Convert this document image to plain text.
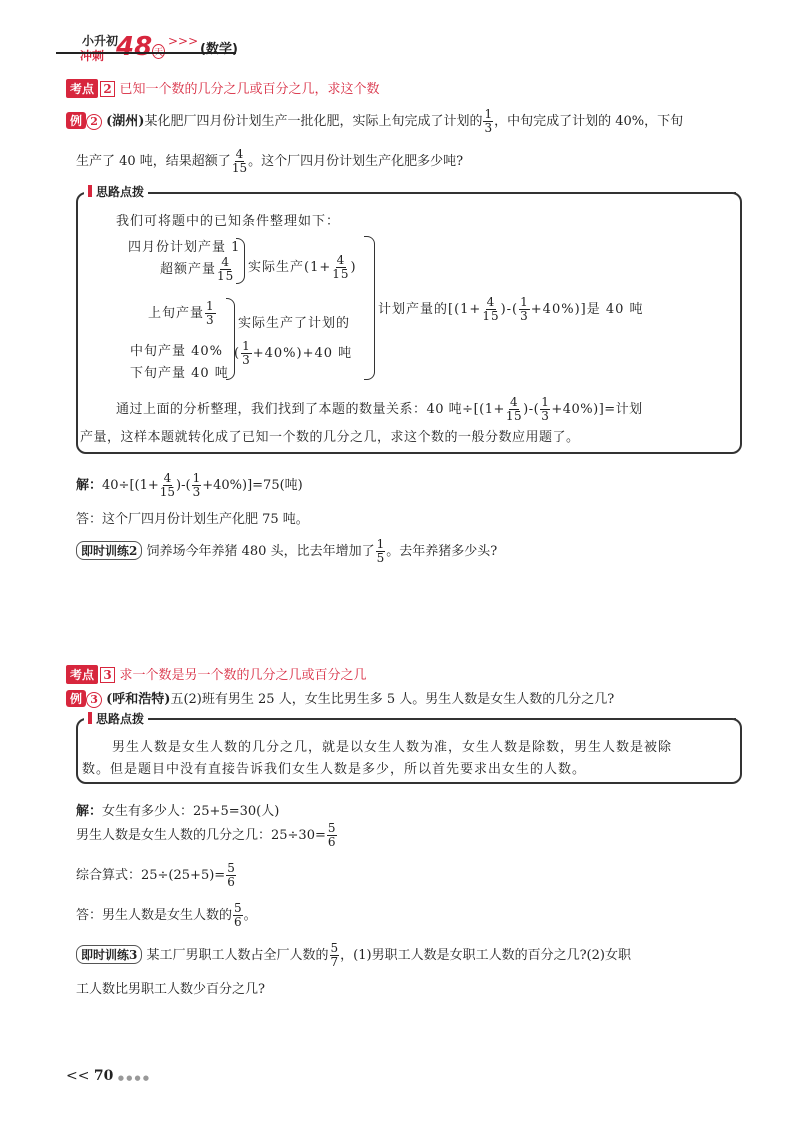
小升初
冲刺 48 天
>>>
(数学)
考点 2 已知一个数的几分之几或百分之几，求这个数
例 2 (湖州)某化肥厂四月份计划生产一批化肥，实际上旬完成了计划的 $\frac{1}{3}$ ，中旬完成了计划的 40%，下旬
生产了 40 吨，结果超额了 $\frac{4}{15}$ 。这个厂四月份计划生产化肥多少吨?
思路点拨
我们可将题中的已知条件整理如下：
四月份计划产量 1
超额产量 $\frac{4}{15}$ 实际生产($1+ \frac{4}{15}$ )
上旬产量 $\frac{1}{3}$
中旬产量 40%
下旬产量 40 吨
实际生产了计划的
( $\frac{1}{3} +40\%)+40$ 吨
计划产量的[($1+ \frac{4}{15}$ )-( $\frac{1}{3} +40\%$)]是 40 吨
通过上面的分析整理，我们找到了本题的数量关系：40 吨$\div[(1+ \frac{4}{15}$ )-( $\frac{1}{3} +40\%)]=$计划
产量，这样本题就转化成了已知一个数的几分之几，求这个数的一般分数应用题了。
解：$40\div[(1+ \frac{4}{15}$ )-( $\frac{1}{3} +40\%)]=75$(吨)
答：这个厂四月份计划生产化肥 75 吨。
即时训练2 饲养场今年养猪 480 头，比去年增加了 $\frac{1}{5}$ 。去年养猪多少头?
考点 3 求一个数是另一个数的几分之几或百分之几
例 3 (呼和浩特)五(2)班有男生 25 人，女生比男生多 5 人。男生人数是女生人数的几分之几?
思路点拨
男生人数是女生人数的几分之几，就是以女生人数为准，女生人数是除数，男生人数是被除
数。但是题目中没有直接告诉我们女生人数是多少，所以首先要求出女生的人数。
解：女生有多少人：25+5=30(人)
男生人数是女生人数的几分之几：$25\div 30= \frac{5}{6}$
综合算式：$25\div(25+5)= \frac{5}{6}$
答：男生人数是女生人数的 $\frac{5}{6}$ 。
即时训练3 某工厂男职工人数占全厂人数的 $\frac{5}{7}$ ，(1)男职工人数是女职工人数的百分之几?(2)女职
工人数比男职工人数少百分之几?
<< 70 ● ● ● ●
